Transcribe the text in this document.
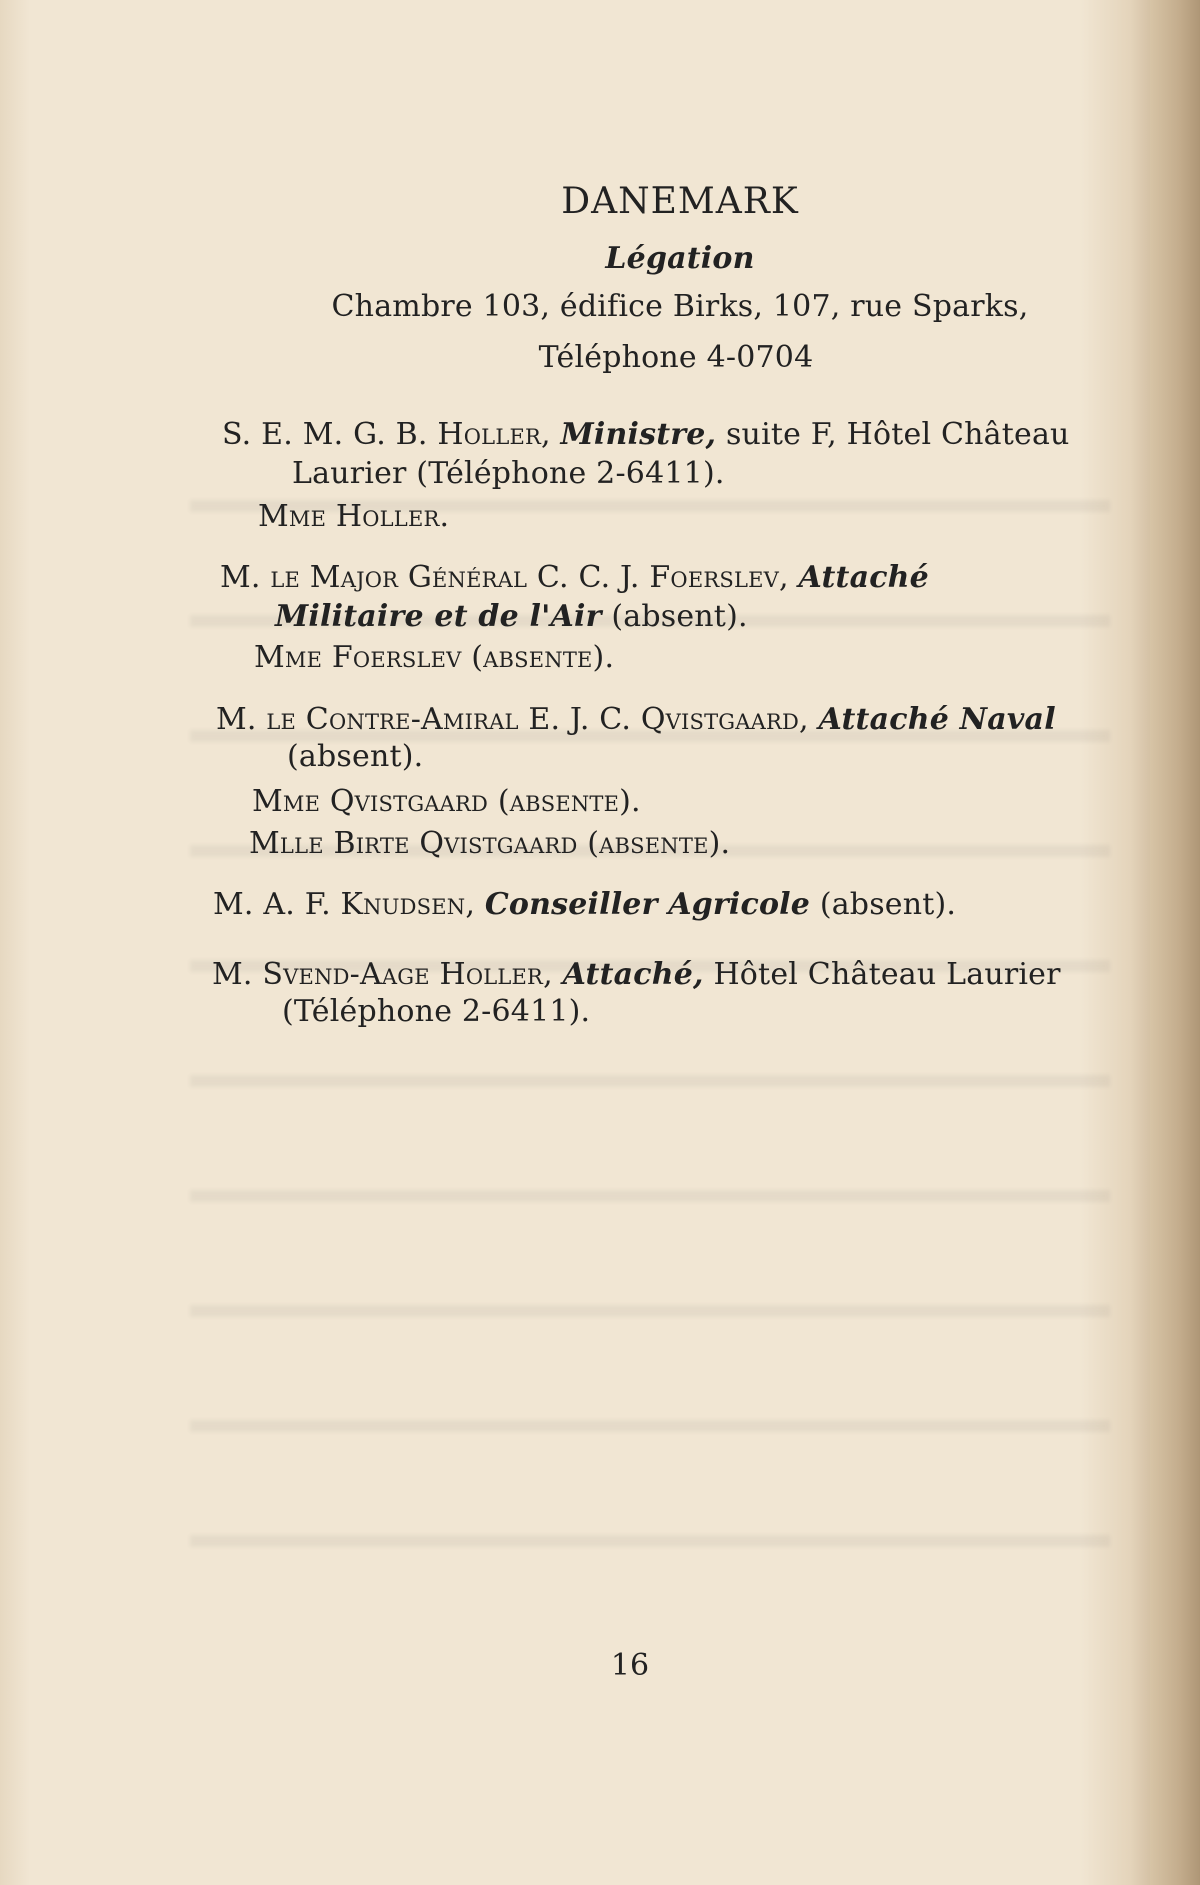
DANEMARK
Légation
Chambre 103, édifice Birks, 107, rue Sparks,
Téléphone 4-0704
S. E. M. G. B. Holler, Ministre, suite F, Hôtel Château
Laurier (Téléphone 2-6411).
Mme Holler.
M. le Major Général C. C. J. Foerslev, Attaché
Militaire et de l'Air (absent).
Mme Foerslev (absente).
M. le Contre-Amiral E. J. C. Qvistgaard, Attaché Naval
(absent).
Mme Qvistgaard (absente).
Mlle Birte Qvistgaard (absente).
M. A. F. Knudsen, Conseiller Agricole (absent).
M. Svend-Aage Holler, Attaché, Hôtel Château Laurier
(Téléphone 2-6411).
16
